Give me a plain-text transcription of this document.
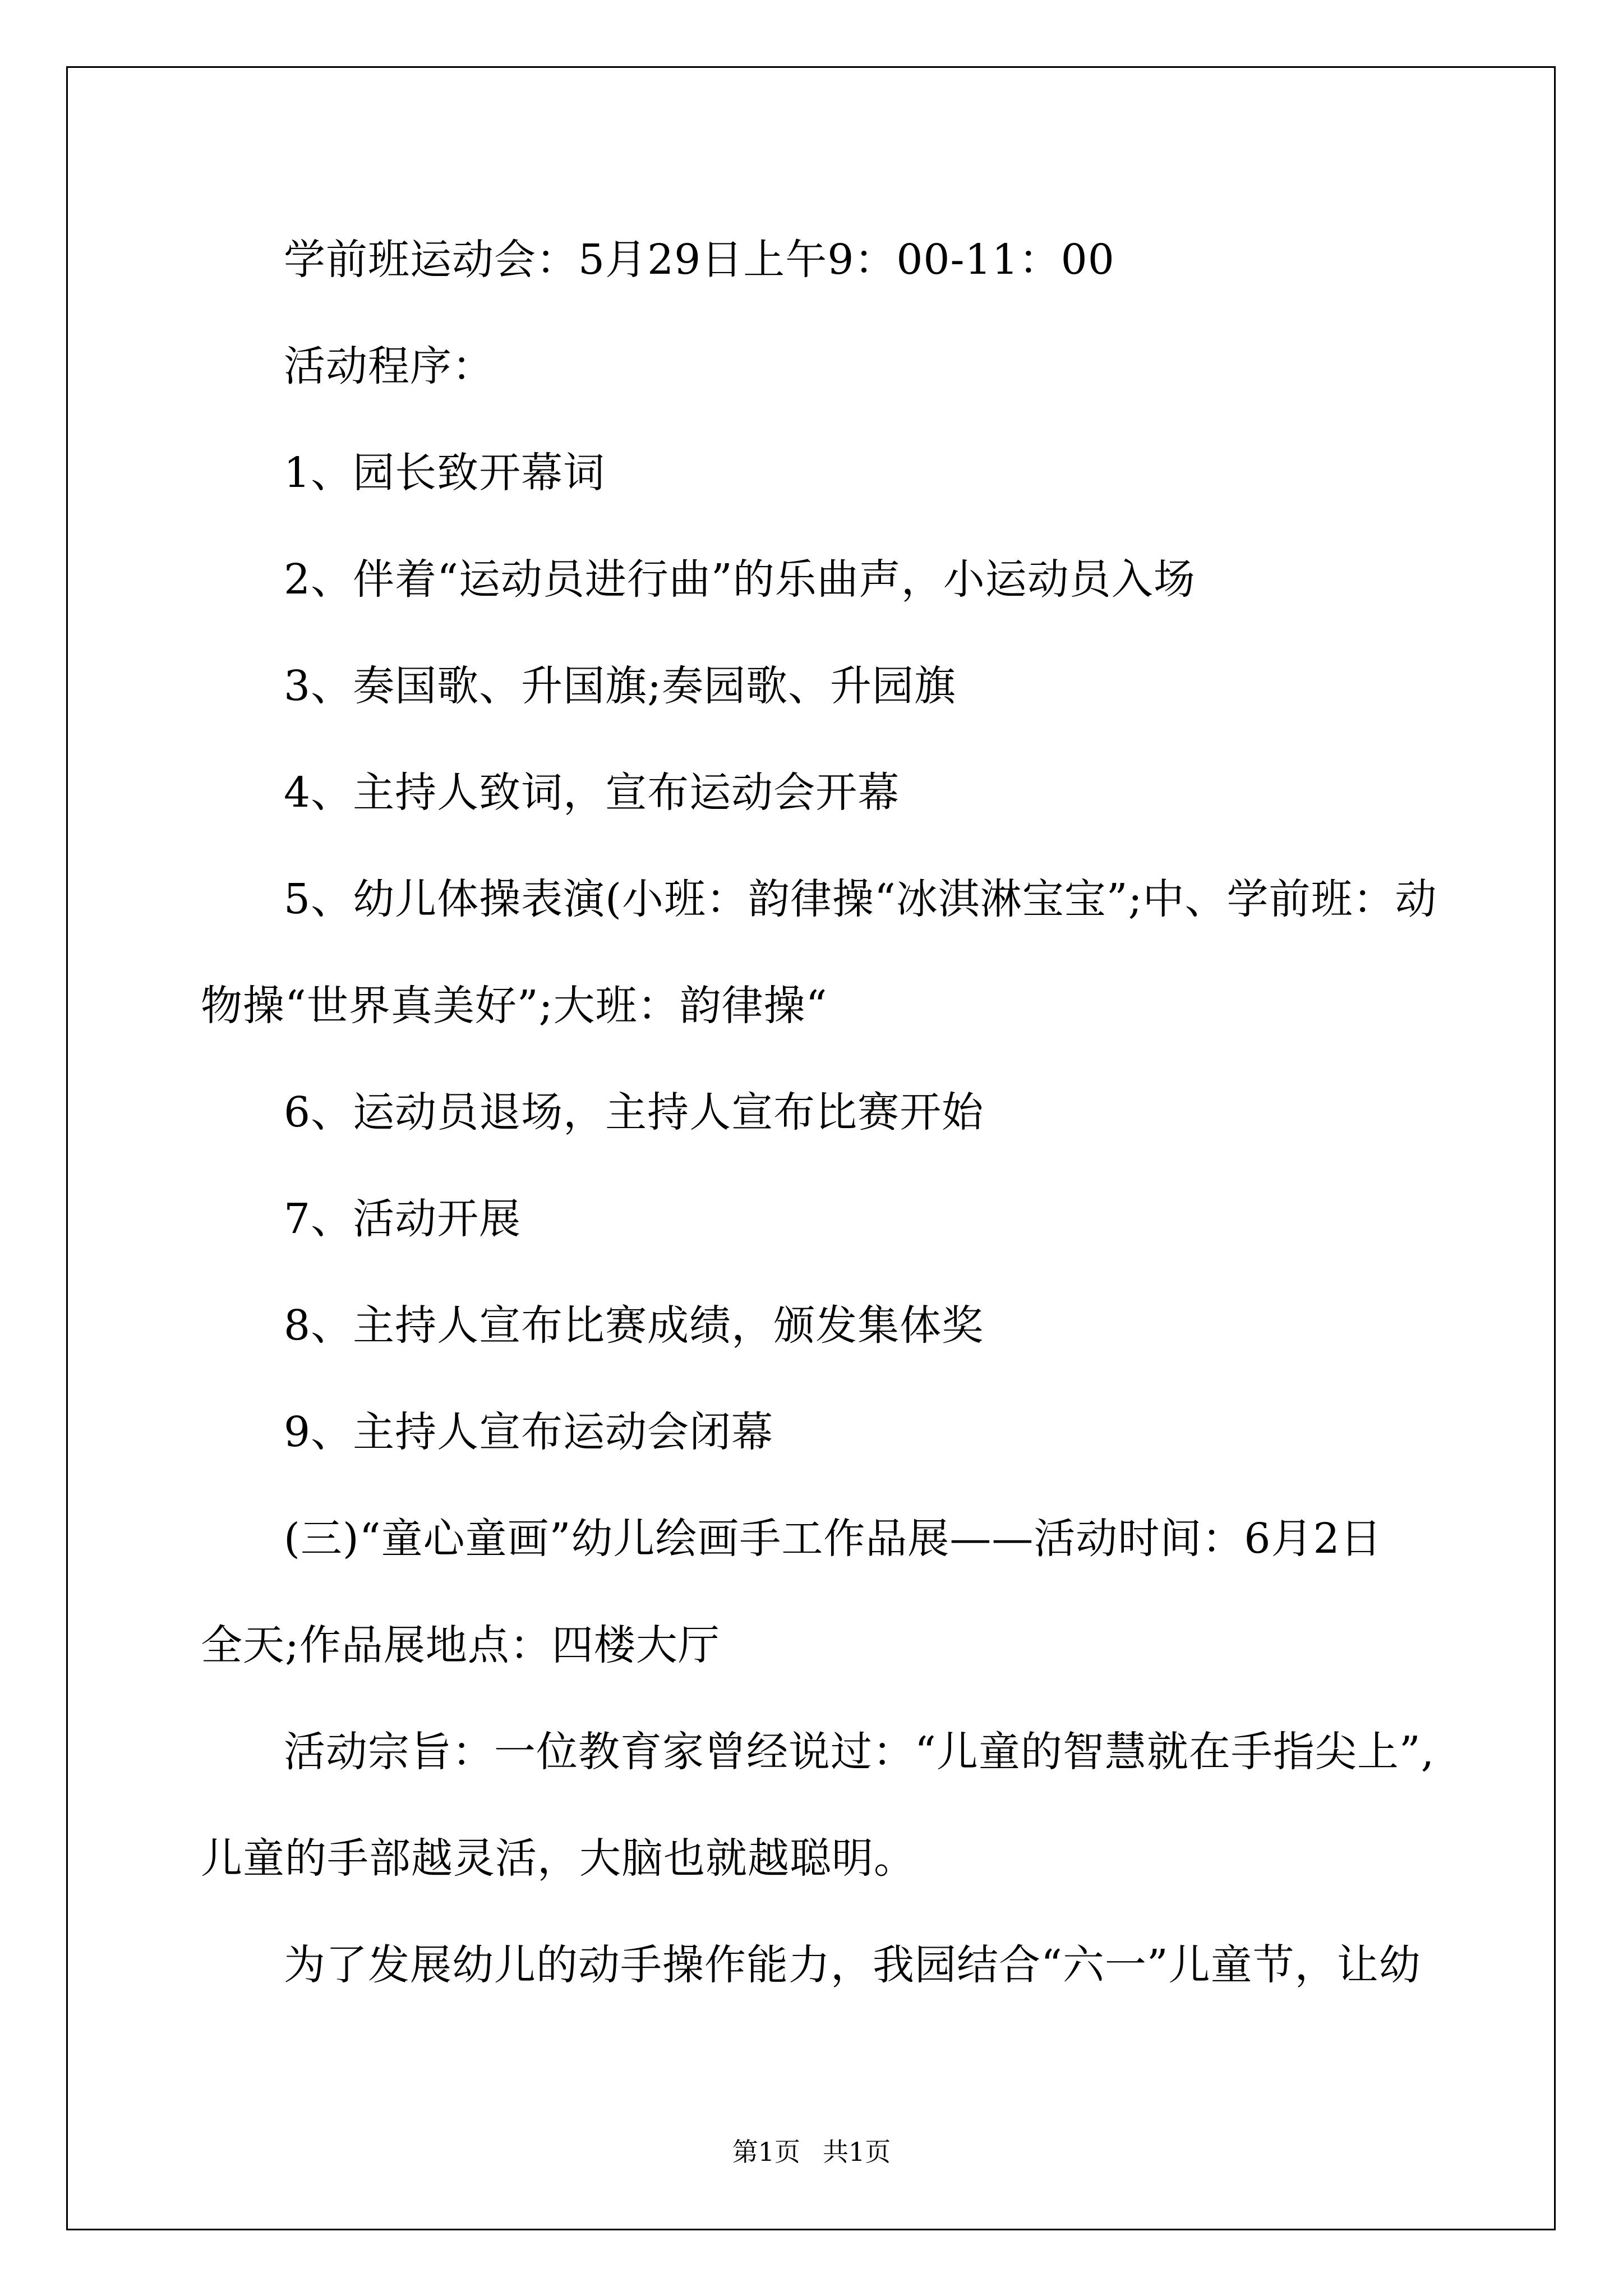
学前班运动会：5月29日上午9：00-11：00

活动程序：

1、园长致开幕词

2、伴着“运动员进行曲”的乐曲声，小运动员入场

3、奏国歌、升国旗;奏园歌、升园旗

4、主持人致词，宣布运动会开幕

5、幼儿体操表演(小班：韵律操“冰淇淋宝宝”;中、学前班：动

物操“世界真美好”;大班：韵律操“

6、运动员退场，主持人宣布比赛开始

7、活动开展

8、主持人宣布比赛成绩，颁发集体奖

9、主持人宣布运动会闭幕

(三)“童心童画”幼儿绘画手工作品展——活动时间：6月2日

全天;作品展地点：四楼大厅

活动宗旨：一位教育家曾经说过：“儿童的智慧就在手指尖上”,

儿童的手部越灵活，大脑也就越聪明。

为了发展幼儿的动手操作能力，我园结合“六一”儿童节，让幼

第1页 共1页
